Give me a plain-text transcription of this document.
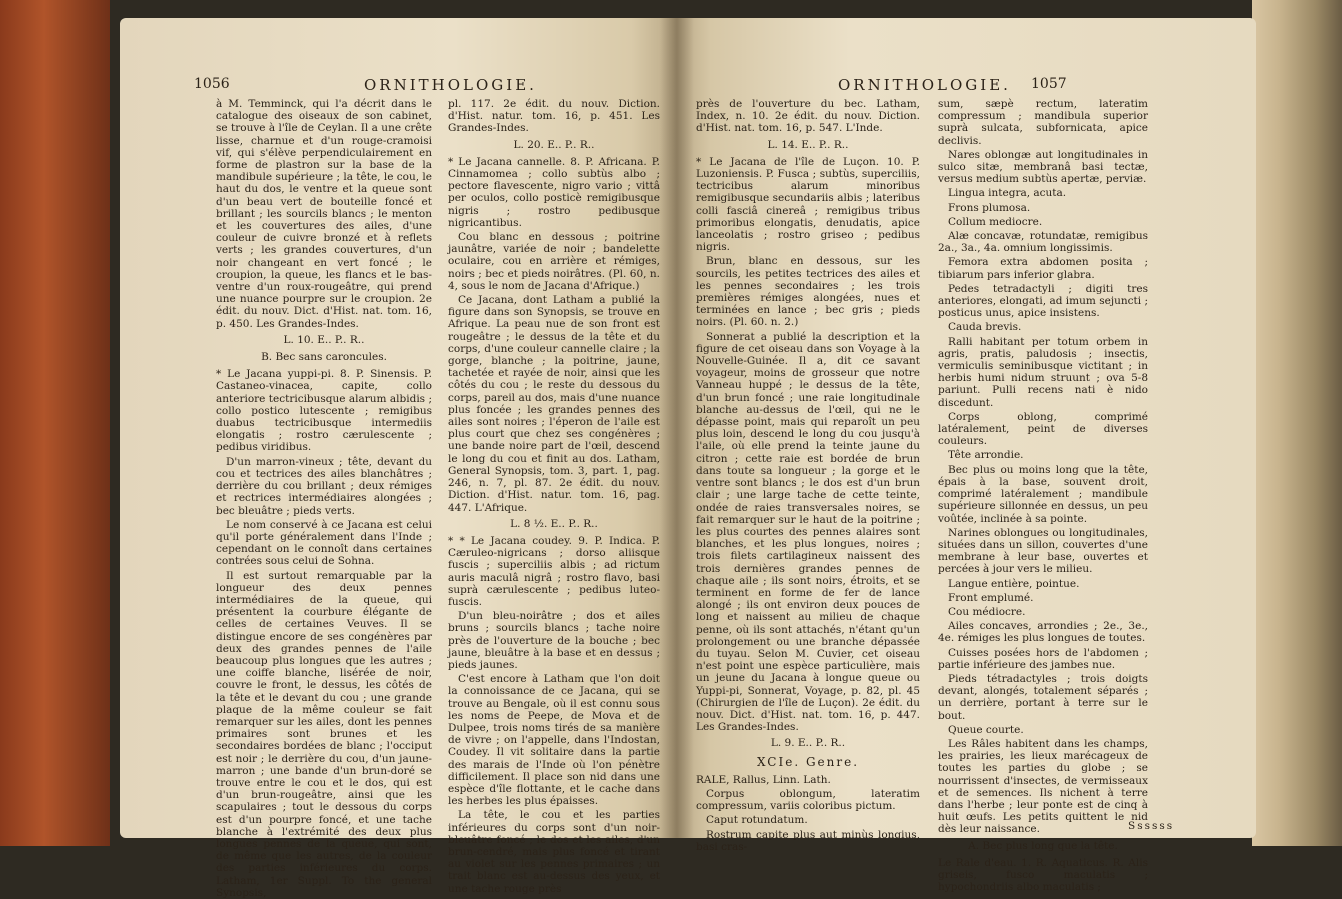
1056	ORNITHOLOGIE.

à M. Temminck, qui l'a décrit dans le catalogue des oiseaux de son cabinet, se trouve à l'île de Ceylan. Il a une crête lisse, charnue et d'un rouge-cramoisi vif, qui s'élève perpendiculairement en forme de plastron sur la base de la mandibule supérieure ; la tête, le cou, le haut du dos, le ventre et la queue sont d'un beau vert de bouteille foncé et brillant ; les sourcils blancs ; le menton et les couvertures des ailes, d'une couleur de cuivre bronzé et à reflets verts ; les grandes couvertures, d'un noir changeant en vert foncé ; le croupion, la queue, les flancs et le bas-ventre d'un roux-rougeâtre, qui prend une nuance pourpre sur le croupion. 2e édit. du nouv. Dict. d'Hist. nat. tom. 16, p. 450. Les Grandes-Indes.

L. 10. E.. P.. R..

B. Bec sans caroncules.

* Le Jacana yuppi-pi. 8. P. Sinensis. P. Castaneo-vinacea, capite, collo anteriore tectricibusque alarum albidis ; collo postico lutescente ; remigibus duabus tectricibusque intermediis elongatis ; rostro cærulescente ; pedibus viridibus.

D'un marron-vineux ; tête, devant du cou et tectrices des ailes blanchâtres ; derrière du cou brillant ; deux rémiges et rectrices intermédiaires alongées ; bec bleuâtre ; pieds verts.

Le nom conservé à ce Jacana est celui qu'il porte généralement dans l'Inde ; cependant on le connoît dans certaines contrées sous celui de Sohna.

Il est surtout remarquable par la longueur des deux pennes intermédiaires de la queue, qui présentent la courbure élégante de celles de certaines Veuves. Il se distingue encore de ses congénères par deux des grandes pennes de l'aile beaucoup plus longues que les autres ; une coiffe blanche, lisérée de noir, couvre le front, le dessus, les côtés de la tête et le devant du cou ; une grande plaque de la même couleur se fait remarquer sur les ailes, dont les pennes primaires sont brunes et les secondaires bordées de blanc ; l'occiput est noir ; le derrière du cou, d'un jaune-marron ; une bande d'un brun-doré se trouve entre le cou et le dos, qui est d'un brun-rougeâtre, ainsi que les scapulaires ; tout le dessous du corps est d'un pourpre foncé, et une tache blanche à l'extrémité des deux plus longues pennes de la queue, qui sont, de même que les autres, de la couleur des parties inférieures du corps. Latham, 1er Suppl. To the general Synopsis,

pl. 117. 2e édit. du nouv. Diction. d'Hist. natur. tom. 16, p. 451. Les Grandes-Indes.

L. 20. E.. P.. R..

* Le Jacana cannelle. 8. P. Africana. P. Cinnamomea ; collo subtùs albo ; pectore flavescente, nigro vario ; vittâ per oculos, collo posticè remigibusque nigris ; rostro pedibusque nigricantibus.

Cou blanc en dessous ; poitrine jaunâtre, variée de noir ; bandelette oculaire, cou en arrière et rémiges, noirs ; bec et pieds noirâtres. (Pl. 60, n. 4, sous le nom de Jacana d'Afrique.)

Ce Jacana, dont Latham a publié la figure dans son Synopsis, se trouve en Afrique. La peau nue de son front est rougeâtre ; le dessus de la tête et du corps, d'une couleur cannelle claire ; la gorge, blanche ; la poitrine, jaune, tachetée et rayée de noir, ainsi que les côtés du cou ; le reste du dessous du corps, pareil au dos, mais d'une nuance plus foncée ; les grandes pennes des ailes sont noires ; l'éperon de l'aile est plus court que chez ses congénères ; une bande noire part de l'œil, descend le long du cou et finit au dos. Latham, General Synopsis, tom. 3, part. 1, pag. 246, n. 7, pl. 87. 2e édit. du nouv. Diction. d'Hist. natur. tom. 16, pag. 447. L'Afrique.

L. 8 ½. E.. P.. R..

* * Le Jacana coudey. 9. P. Indica. P. Cæruleo-nigricans ; dorso aliisque fuscis ; superciliis albis ; ad rictum auris maculâ nigrâ ; rostro flavo, basi suprà cærulescente ; pedibus luteo-fuscis.

D'un bleu-noirâtre ; dos et ailes bruns ; sourcils blancs ; tache noire près de l'ouverture de la bouche ; bec jaune, bleuâtre à la base et en dessus ; pieds jaunes.

C'est encore à Latham que l'on doit la connoissance de ce Jacana, qui se trouve au Bengale, où il est connu sous les noms de Peepe, de Mova et de Dulpee, trois noms tirés de sa manière de vivre ; on l'appelle, dans l'Indostan, Coudey. Il vit solitaire dans la partie des marais de l'Inde où l'on pénètre difficilement. Il place son nid dans une espèce d'île flottante, et le cache dans les herbes les plus épaisses.

La tête, le cou et les parties inférieures du corps sont d'un noir-bleuâtre foncé ; le dos et les ailes, d'un brun-cendré, mais plus foncé et tirant au violet sur les pennes primaires ; un trait blanc est au-dessus des yeux, et une tache rouge près

ORNITHOLOGIE. 1057

près de l'ouverture du bec. Latham, Index, n. 10. 2e édit. du nouv. Diction. d'Hist. nat. tom. 16, p. 547. L'Inde.

L. 14. E.. P.. R..

* Le Jacana de l'île de Luçon. 10. P. Luzoniensis. P. Fusca ; subtùs, superciliis, tectricibus alarum minoribus remigibusque secundariis albis ; lateribus colli fasciâ cinereâ ; remigibus tribus primoribus elongatis, denudatis, apice lanceolatis ; rostro griseo ; pedibus nigris.

Brun, blanc en dessous, sur les sourcils, les petites tectrices des ailes et les pennes secondaires ; les trois premières rémiges alongées, nues et terminées en lance ; bec gris ; pieds noirs. (Pl. 60. n. 2.)

Sonnerat a publié la description et la figure de cet oiseau dans son Voyage à la Nouvelle-Guinée. Il a, dit ce savant voyageur, moins de grosseur que notre Vanneau huppé ; le dessus de la tête, d'un brun foncé ; une raie longitudinale blanche au-dessus de l'œil, qui ne le dépasse point, mais qui reparoît un peu plus loin, descend le long du cou jusqu'à l'aile, où elle prend la teinte jaune du citron ; cette raie est bordée de brun dans toute sa longueur ; la gorge et le ventre sont blancs ; le dos est d'un brun clair ; une large tache de cette teinte, ondée de raies transversales noires, se fait remarquer sur le haut de la poitrine ; les plus courtes des pennes alaires sont blanches, et les plus longues, noires ; trois filets cartilagineux naissent des trois dernières grandes pennes de chaque aile ; ils sont noirs, étroits, et se terminent en forme de fer de lance alongé ; ils ont environ deux pouces de long et naissent au milieu de chaque penne, où ils sont attachés, n'étant qu'un prolongement ou une branche dépassée du tuyau. Selon M. Cuvier, cet oiseau n'est point une espèce particulière, mais un jeune du Jacana à longue queue ou Yuppi-pi, Sonnerat, Voyage, p. 82, pl. 45 (Chirurgien de l'île de Luçon). 2e édit. du nouv. Dict. d'Hist. nat. tom. 16, p. 447. Les Grandes-Indes.

L. 9. E.. P.. R..

XCIe. Genre.

RALE, Rallus, Linn. Lath.

Corpus oblongum, lateratim compressum, variis coloribus pictum.

Caput rotundatum.

Rostrum capite plus aut minùs longius, basi cras-

sum, sæpè rectum, lateratim compressum ; mandibula superior suprà sulcata, subfornicata, apice declivis.

Nares oblongæ aut longitudinales in sulco sitæ, membranâ basi tectæ, versus medium subtùs apertæ, perviæ.

Lingua integra, acuta.

Frons plumosa.

Collum mediocre.

Alæ concavæ, rotundatæ, remigibus 2a., 3a., 4a. omnium longissimis.

Femora extra abdomen posita ; tibiarum pars inferior glabra.

Pedes tetradactyli ; digiti tres anteriores, elongati, ad imum sejuncti ; posticus unus, apice insistens.

Cauda brevis.

Ralli habitant per totum orbem in agris, pratis, paludosis ; insectis, vermiculis seminibusque victitant ; in herbis humi nidum struunt ; ova 5-8 pariunt. Pulli recens nati è nido discedunt.

Corps oblong, comprimé latéralement, peint de diverses couleurs.

Tête arrondie.

Bec plus ou moins long que la tête, épais à la base, souvent droit, comprimé latéralement ; mandibule supérieure sillonnée en dessus, un peu voûtée, inclinée à sa pointe.

Narines oblongues ou longitudinales, situées dans un sillon, couvertes d'une membrane à leur base, ouvertes et percées à jour vers le milieu.

Langue entière, pointue.

Front emplumé.

Cou médiocre.

Ailes concaves, arrondies ; 2e., 3e., 4e. rémiges les plus longues de toutes.

Cuisses posées hors de l'abdomen ; partie inférieure des jambes nue.

Pieds tétradactyles ; trois doigts devant, alongés, totalement séparés ; un derrière, portant à terre sur le bout.

Queue courte.

Les Râles habitent dans les champs, les prairies, les lieux marécageux de toutes les parties du globe ; se nourrissent d'insectes, de vermisseaux et de semences. Ils nichent à terre dans l'herbe ; leur ponte est de cinq à huit œufs. Les petits quittent le nid dès leur naissance.

A. Bec plus long que la tête.

Le Rale d'eau. 1. R. Aquaticus. R. Alis griseis, fusco maculatis ; hypochondriis albo maculatis ;

Ssssss
